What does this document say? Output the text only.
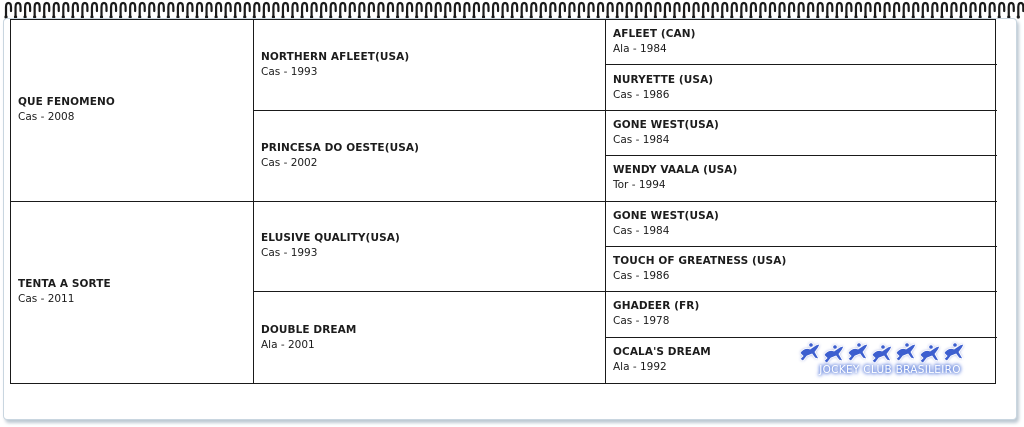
QUE FENOMENO
Cas - 2008
TENTA A SORTE
Cas - 2011
NORTHERN AFLEET(USA)
Cas - 1993
PRINCESA DO OESTE(USA)
Cas - 2002
ELUSIVE QUALITY(USA)
Cas - 1993
DOUBLE DREAM
Ala - 2001
AFLEET (CAN)
Ala - 1984
NURYETTE (USA)
Cas - 1986
GONE WEST(USA)
Cas - 1984
WENDY VAALA (USA)
Tor - 1994
GONE WEST(USA)
Cas - 1984
TOUCH OF GREATNESS (USA)
Cas - 1986
GHADEER (FR)
Cas - 1978
OCALA'S DREAM
Ala - 1992	JOCKEY CLUB BRASILEIRO
